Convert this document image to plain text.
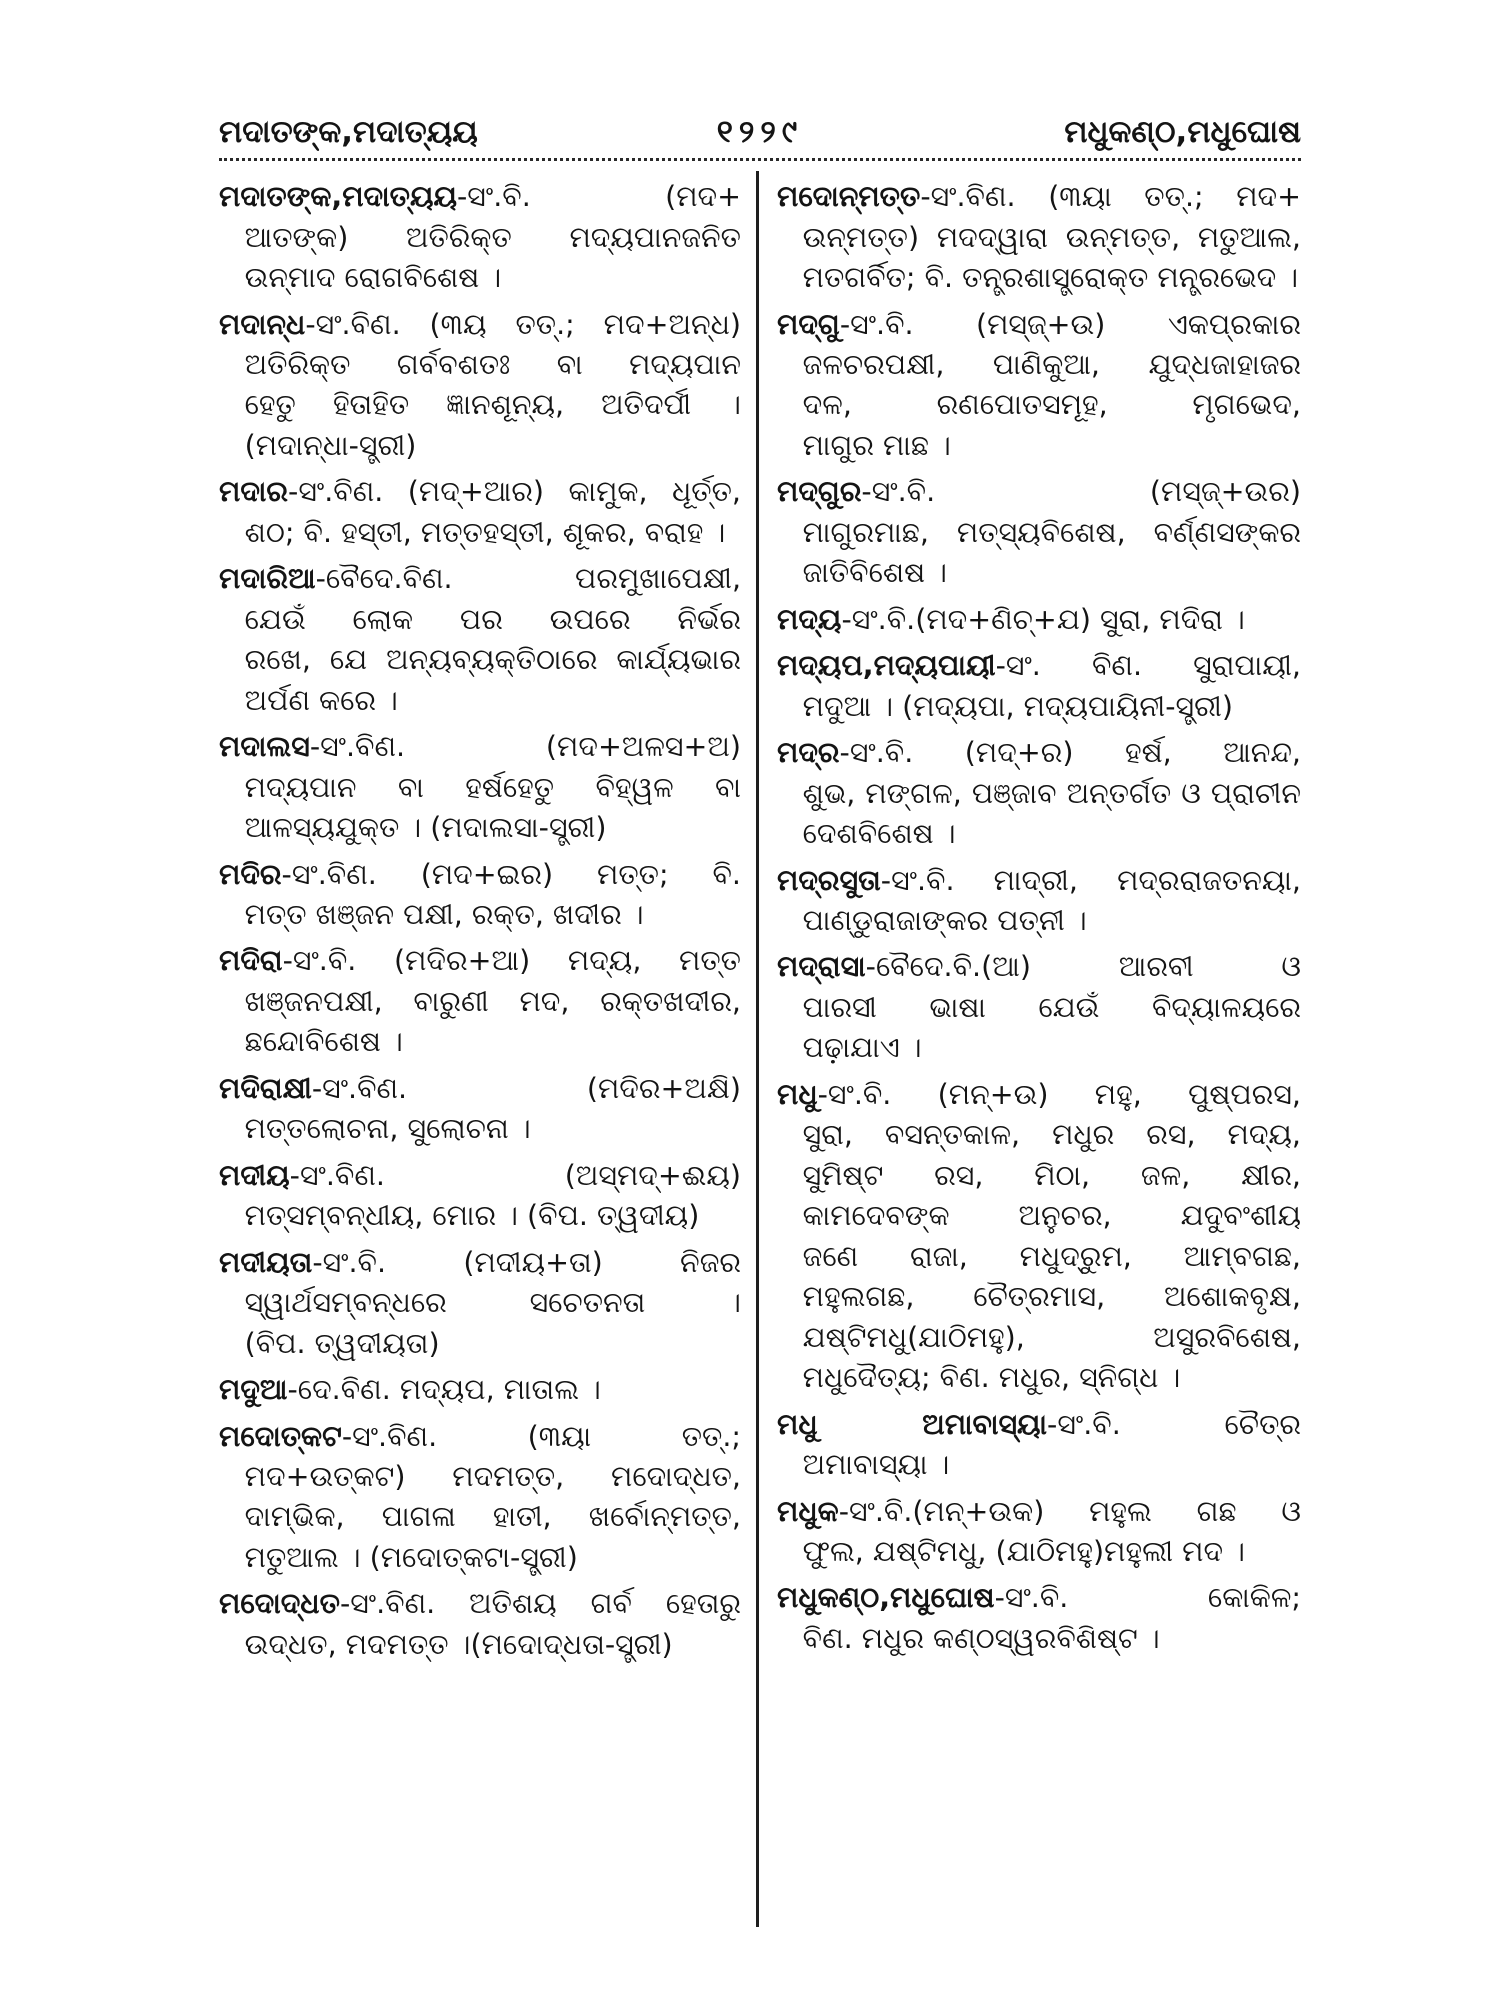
ମଦାତଙ୍କ,ମଦାତ୍ୟୟ	୧୨୨୯	ମଧୁକଣ୍ଠ,ମଧୁଘୋଷ
ମଦାତଙ୍କ,ମଦାତ୍ୟୟ-ସଂ.ବି. (ମଦ+
ଆତଙ୍କ) ଅତିରିକ୍ତ ମଦ୍ୟପାନଜନିତ
ଉନ୍ମାଦ ରୋଗବିଶେଷ ।
ମଦାନ୍ଧ-ସଂ.ବିଣ. (୩ୟ ତତ୍.; ମଦ+ଅନ୍ଧ)
ଅତିରିକ୍ତ ଗର୍ବବଶତଃ ବା ମଦ୍ୟପାନ
ହେତୁ ହିତାହିତ ଜ୍ଞାନଶୂନ୍ୟ, ଅତିଦର୍ପୀ ।
(ମଦାନ୍ଧା-ସ୍ତ୍ରୀ)
ମଦାର-ସଂ.ବିଣ. (ମଦ୍+ଆର) କାମୁକ, ଧୂର୍ତ୍ତ,
ଶଠ; ବି. ହସ୍ତୀ, ମତ୍ତହସ୍ତୀ, ଶୂକର, ବରାହ ।
ମଦାରିଆ-ବୈଦେ.ବିଣ. ପରମୁଖାପେକ୍ଷୀ,
ଯେଉଁ ଲୋକ ପର ଉପରେ ନିର୍ଭର
ରଖେ, ଯେ ଅନ୍ୟବ୍ୟକ୍ତିଠାରେ କାର୍ଯ୍ୟଭାର
ଅର୍ପଣ କରେ ।
ମଦାଲସ-ସଂ.ବିଣ. (ମଦ+ଅଳସ+ଅ)
ମଦ୍ୟପାନ ବା ହର୍ଷହେତୁ ବିହ୍ୱଳ ବା
ଆଳସ୍ୟଯୁକ୍ତ । (ମଦାଲସା-ସ୍ତ୍ରୀ)
ମଦିର-ସଂ.ବିଣ. (ମଦ+ଇର) ମତ୍ତ; ବି.
ମତ୍ତ ଖଞ୍ଜନ ପକ୍ଷୀ, ରକ୍ତ, ଖଦୀର ।
ମଦିରା-ସଂ.ବି. (ମଦିର+ଆ) ମଦ୍ୟ, ମତ୍ତ
ଖଞ୍ଜନପକ୍ଷୀ, ବାରୁଣୀ ମଦ, ରକ୍ତଖଦୀର,
ଛନ୍ଦୋବିଶେଷ ।
ମଦିରାକ୍ଷୀ-ସଂ.ବିଣ. (ମଦିର+ଅକ୍ଷି)
ମତ୍ତଲୋଚନା, ସୁଲୋଚନା ।
ମଦୀୟ-ସଂ.ବିଣ. (ଅସ୍ମଦ୍+ଈୟ)
ମତ୍ସମ୍ବନ୍ଧୀୟ, ମୋର । (ବିପ. ତ୍ୱଦୀୟ)
ମଦୀୟତା-ସଂ.ବି. (ମଦୀୟ+ତା) ନିଜର
ସ୍ୱାର୍ଥସମ୍ବନ୍ଧରେ ସଚେତନତା ।
(ବିପ. ତ୍ୱଦୀୟତା)
ମଦୁଆ-ଦେ.ବିଣ. ମଦ୍ୟପ, ମାତାଲ ।
ମଦୋତ୍କଟ-ସଂ.ବିଣ. (୩ୟା ତତ୍.;
ମଦ+ଉତ୍କଟ) ମଦମତ୍ତ, ମଦୋଦ୍ଧତ,
ଦାମ୍ଭିକ, ପାଗଳା ହାତୀ, ଖର୍ବୋନ୍ମତ୍ତ,
ମତୁଆଲ । (ମଦୋତ୍କଟା-ସ୍ତ୍ରୀ)
ମଦୋଦ୍ଧତ-ସଂ.ବିଣ. ଅତିଶୟ ଗର୍ବ ହେତାରୁ
ଉଦ୍ଧତ, ମଦମତ୍ତ ।(ମଦୋଦ୍ଧତା-ସ୍ତ୍ରୀ)
ମଦୋନ୍ମତ୍ତ-ସଂ.ବିଣ. (୩ୟା ତତ୍.; ମଦ+
ଉନ୍ମତ୍ତ) ମଦଦ୍ୱାରା ଉନ୍ମତ୍ତ, ମତୁଆଲ,
ମତଗର୍ବିତ; ବି. ତନ୍ତ୍ରଶାସ୍ତ୍ରୋକ୍ତ ମନ୍ତ୍ରଭେଦ ।
ମଦ୍‌ଗୁ-ସଂ.ବି. (ମସ୍‌ଜ୍+ଉ) ଏକପ୍ରକାର
ଜଳଚରପକ୍ଷୀ, ପାଣିକୁଆ, ଯୁଦ୍ଧଜାହାଜର
ଦଳ, ରଣପୋତସମୂହ, ମୃଗଭେଦ,
ମାଗୁର ମାଛ ।
ମଦ୍‌ଗୁର-ସଂ.ବି. (ମସ୍‌ଜ୍+ଉର)
ମାଗୁରମାଛ, ମତ୍ସ୍ୟବିଶେଷ, ବର୍ଣ୍ଣସଙ୍କର
ଜାତିବିଶେଷ ।
ମଦ୍ୟ-ସଂ.ବି.(ମଦ+ଣିଚ୍+ଯ) ସୁରା, ମଦିରା ।
ମଦ୍ୟପ,ମଦ୍ୟପାୟୀ-ସଂ. ବିଣ. ସୁରାପାୟୀ,
ମଦୁଆ । (ମଦ୍ୟପା, ମଦ୍ୟପାୟିନୀ-ସ୍ତ୍ରୀ)
ମଦ୍ର-ସଂ.ବି. (ମଦ୍+ର) ହର୍ଷ, ଆନନ୍ଦ,
ଶୁଭ, ମଙ୍ଗଳ, ପଞ୍ଜାବ ଅନ୍ତର୍ଗତ ଓ ପ୍ରାଚୀନ
ଦେଶବିଶେଷ ।
ମଦ୍ରସୁତା-ସଂ.ବି. ମାଦ୍ରୀ, ମଦ୍ରରାଜତନୟା,
ପାଣ୍ଡୁରାଜାଙ୍କର ପତ୍ନୀ ।
ମଦ୍ରାସା-ବୈଦେ.ବି.(ଆ) ଆରବୀ ଓ
ପାରସୀ ଭାଷା ଯେଉଁ ବିଦ୍ୟାଳୟରେ
ପଢ଼ାଯାଏ ।
ମଧୁ-ସଂ.ବି. (ମନ୍+ଉ) ମହୁ, ପୁଷ୍ପରସ,
ସୁରା, ବସନ୍ତକାଳ, ମଧୁର ରସ, ମଦ୍ୟ,
ସୁମିଷ୍ଟ ରସ, ମିଠା, ଜଳ, କ୍ଷୀର,
କାମଦେବଙ୍କ ଅନୁଚର, ଯଦୁବଂଶୀୟ
ଜଣେ ରାଜା, ମଧୁଦ୍ରୁମ, ଆମ୍ବଗଛ,
ମହୁଲଗଛ, ଚୈତ୍ରମାସ, ଅଶୋକବୃକ୍ଷ,
ଯଷ୍ଟିମଧୁ(ଯାଠିମହୁ), ଅସୁରବିଶେଷ,
ମଧୁଦୈତ୍ୟ; ବିଣ. ମଧୁର, ସ୍ନିଗ୍ଧ ।
ମଧୁ ଅମାବାସ୍ୟା-ସଂ.ବି. ଚୈତ୍ର
ଅମାବାସ୍ୟା ।
ମଧୁକ-ସଂ.ବି.(ମନ୍+ଉକ) ମହୁଲ ଗଛ ଓ
ଫୁଲ, ଯଷ୍ଟିମଧୁ, (ଯାଠିମହୁ)ମହୁଲୀ ମଦ ।
ମଧୁକଣ୍ଠ,ମଧୁଘୋଷ-ସଂ.ବି. କୋକିଳ;
ବିଣ. ମଧୁର କଣ୍ଠସ୍ୱରବିଶିଷ୍ଟ ।
